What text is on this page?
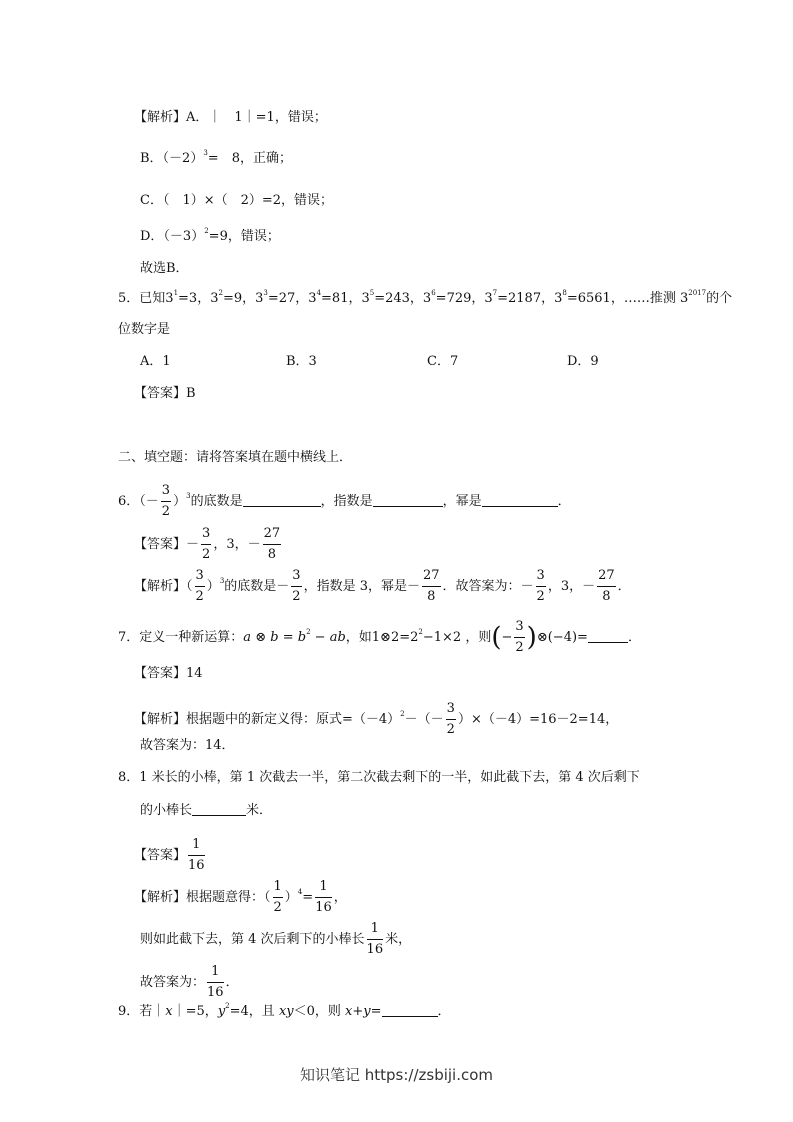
【解析】A．｜　1｜=1，错误；
B．$(-2)^3=$　8，正确；
C．（　1）×（　2）=2，错误；
D．$(-3)^2=9$，错误；
故选B．
5．已知$3^1=3$，$3^2=9$，$3^3=27$，$3^4=81$，$3^5=243$，$3^6=729$，$3^7=2187$，$3^8=6561$，……推测 $3^{2017}$的个
位数字是
A．1	B．3	C．7	D．9
【答案】B
二、填空题：请将答案填在题中横线上．
6．（－ $\frac{3}{2} )^3$的底数是	，指数是	，幂是	．
【答案】－ $\frac{3}{2}$ ，3，－ $\frac{27}{8}$
【解析】（ $\frac{3}{2} )^3$的底数是－ $\frac{3}{2}$ ，指数是 3，幂是－ $\frac{27}{8}$ ．故答案为：－ $\frac{3}{2}$ ，3，－ $\frac{27}{8}$ ．
7．定义一种新运算：a ⊗ $b = b^2$ − ab，如$1\otimes 2=2^2-1\times 2$ ，则(− $\frac{3}{2}$ )⊗(−4)=	．
【答案】14
【解析】根据题中的新定义得：原式$=(-4)^2-(- \frac{3}{2} )\times(-4)=16-2=14$，
故答案为：14．
8．1 米长的小棒，第 1 次截去一半，第二次截去剩下的一半，如此截下去，第 4 次后剩下
的小棒长	米．
【答案】 $\frac{1}{16}$
【解析】根据题意得：（ $\frac{1}{2} )^4= \frac{1}{16}$ ，
则如此截下去，第 4 次后剩下的小棒长 $\frac{1}{16}$ 米，
故答案为： $\frac{1}{16}$ ．
9．若｜x｜=5，$y^2=4$，且 xy＜0，则 x+y=	．
知识笔记 https://zsbiji.com
